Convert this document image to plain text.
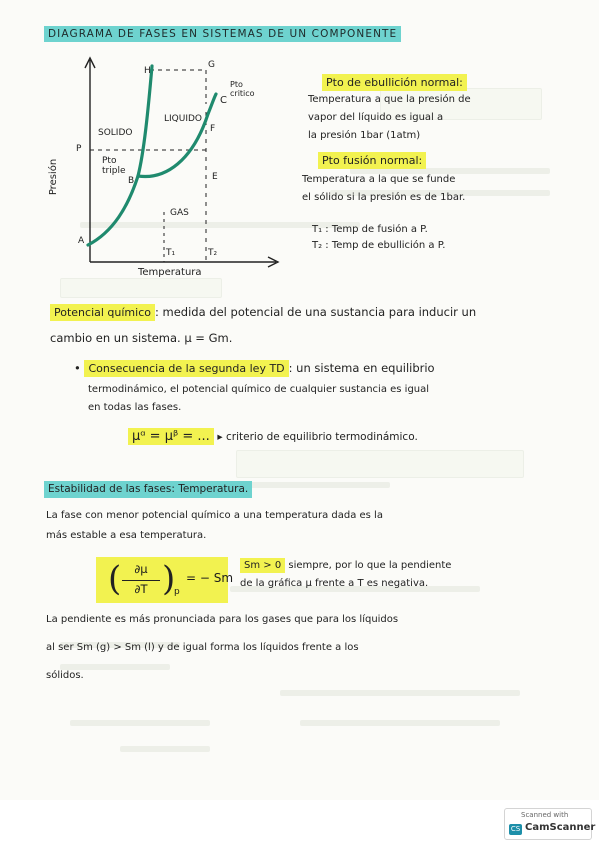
DIAGRAMA DE FASES EN SISTEMAS DE UN COMPONENTE
H
G
C
Pto
critico
LIQUIDO
SOLIDO
P
F
Pto
triple
B	E
GAS
A
T₁	T₂
Presión
Temperatura
Pto de ebullición normal:
Temperatura a que la presión de
vapor del líquido es igual a
la presión 1bar (1atm)
Pto fusión normal:
Temperatura a la que se funde
el sólido si la presión es de 1bar.
T₁ : Temp de fusión a P.
T₂ : Temp de ebullición a P.
Potencial químico : medida del potencial de una sustancia para inducir un
cambio en un sistema. μ = Gm.
• Consecuencia de la segunda ley TD : un sistema en equilibrio
termodinámico, el potencial químico de cualquier sustancia es igual
en todas las fases.
μᵅ = μᵝ = ... ▸ criterio de equilibrio termodinámico.
Estabilidad de las fases: Temperatura.
La fase con menor potencial químico a una temperatura dada es la
más estable a esa temperatura.
(	∂μ
∂T )
p
= − Sm
Sm > 0 siempre, por lo que la pendiente
de la gráfica μ frente a T es negativa.
La pendiente es más pronunciada para los gases que para los líquidos
al ser Sm (g) > Sm (l) y de igual forma los líquidos frente a los
sólidos.
Scanned with
CS CamScanner
